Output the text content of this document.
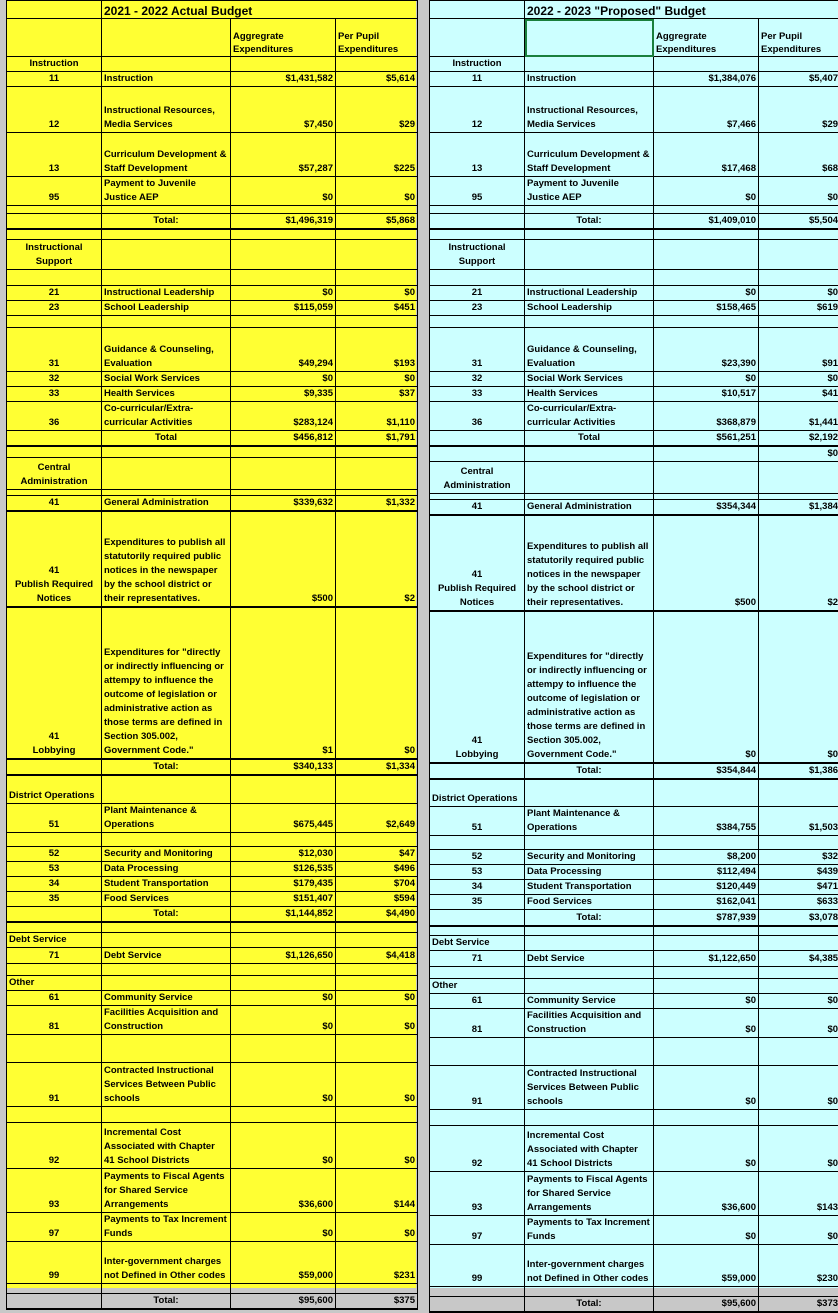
	2021 - 2022 Actual Budget		
		Aggregrate Expenditures	Per Pupil Expenditures
Instruction			
11	Instruction	$1,431,582	$5,614
12	Instructional Resources, Media Services	$7,450	$29
13	Curriculum Development & Staff Development	$57,287	$225
95	Payment to Juvenile Justice AEP	$0	$0

	Total:	$1,496,319	$5,868

Instructional Support			

21	Instructional Leadership	$0	$0
23	School Leadership	$115,059	$451

31	Guidance & Counseling, Evaluation	$49,294	$193
32	Social Work Services	$0	$0
33	Health Services	$9,335	$37
36	Co-curricular/Extra-curricular Activities	$283,124	$1,110
	Total	$456,812	$1,791

Central Administration			

41	General Administration	$339,632	$1,332
41
Publish Required Notices	Expenditures to publish all statutorily required public notices in the newspaper by the school district or their representatives.	$500	$2
41
Lobbying	Expenditures for "directly or indirectly influencing or attempy to influence the outcome of legislation or administrative action as those terms are defined in Section 305.002, Government Code."	$1	$0
	Total:	$340,133	$1,334
District Operations			
51	Plant Maintenance & Operations	$675,445	$2,649

52	Security and Monitoring	$12,030	$47
53	Data Processing	$126,535	$496
34	Student Transportation	$179,435	$704
35	Food Services	$151,407	$594
	Total:	$1,144,852	$4,490

Debt Service			
71	Debt Service	$1,126,650	$4,418

Other			
61	Community Service	$0	$0
81	Facilities Acquisition and Construction	$0	$0

91	Contracted Instructional Services Between Public schools	$0	$0

92	Incremental Cost Associated with Chapter 41 School Districts	$0	$0
93	Payments to Fiscal Agents for Shared Service Arrangements	$36,600	$144
97	Payments to Tax Increment Funds	$0	$0
99	Inter-government charges not Defined in Other codes	$59,000	$231

	Total:	$95,600	$375
	2022 - 2023 "Proposed" Budget		
		Aggregrate Expenditures	Per Pupil Expenditures
Instruction			
11	Instruction	$1,384,076	$5,407
12	Instructional Resources, Media Services	$7,466	$29
13	Curriculum Development & Staff Development	$17,468	$68
95	Payment to Juvenile Justice AEP	$0	$0

	Total:	$1,409,010	$5,504

Instructional Support			

21	Instructional Leadership	$0	$0
23	School Leadership	$158,465	$619

31	Guidance & Counseling, Evaluation	$23,390	$91
32	Social Work Services	$0	$0
33	Health Services	$10,517	$41
36	Co-curricular/Extra-curricular Activities	$368,879	$1,441
	Total	$561,251	$2,192
			$0
Central Administration			

41	General Administration	$354,344	$1,384
41
Publish Required Notices	Expenditures to publish all statutorily required public notices in the newspaper by the school district or their representatives.	$500	$2
41
Lobbying	Expenditures for "directly or indirectly influencing or attempy to influence the outcome of legislation or administrative action as those terms are defined in Section 305.002, Government Code."	$0	$0
	Total:	$354,844	$1,386
District Operations			
51	Plant Maintenance & Operations	$384,755	$1,503

52	Security and Monitoring	$8,200	$32
53	Data Processing	$112,494	$439
34	Student Transportation	$120,449	$471
35	Food Services	$162,041	$633
	Total:	$787,939	$3,078

Debt Service			
71	Debt Service	$1,122,650	$4,385

Other			
61	Community Service	$0	$0
81	Facilities Acquisition and Construction	$0	$0

91	Contracted Instructional Services Between Public schools	$0	$0

92	Incremental Cost Associated with Chapter 41 School Districts	$0	$0
93	Payments to Fiscal Agents for Shared Service Arrangements	$36,600	$143
97	Payments to Tax Increment Funds	$0	$0
99	Inter-government charges not Defined in Other codes	$59,000	$230

	Total:	$95,600	$373
